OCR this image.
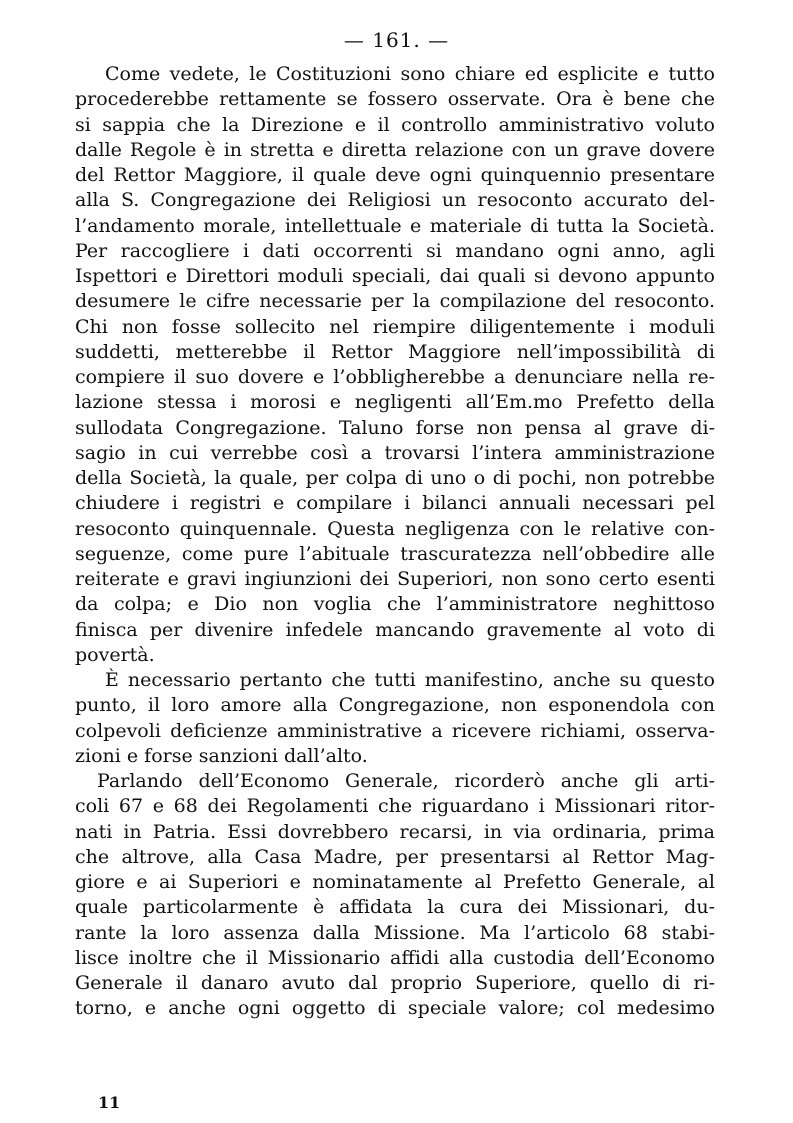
— 161. —
Come vedete, le Costituzioni sono chiare ed esplicite e tutto
procederebbe rettamente se fossero osservate. Ora è bene che
si sappia che la Direzione e il controllo amministrativo voluto
dalle Regole è in stretta e diretta relazione con un grave dovere
del Rettor Maggiore, il quale deve ogni quinquennio presentare
alla S. Congregazione dei Religiosi un resoconto accurato del-
l’andamento morale, intellettuale e materiale di tutta la Società.
Per raccogliere i dati occorrenti si mandano ogni anno, agli
Ispettori e Direttori moduli speciali, dai quali si devono appunto
desumere le cifre necessarie per la compilazione del resoconto.
Chi non fosse sollecito nel riempire diligentemente i moduli
suddetti, metterebbe il Rettor Maggiore nell’impossibilità di
compiere il suo dovere e l’obbligherebbe a denunciare nella re-
lazione stessa i morosi e negligenti all’Em.mo Prefetto della
sullodata Congregazione. Taluno forse non pensa al grave di-
sagio in cui verrebbe così a trovarsi l’intera amministrazione
della Società, la quale, per colpa di uno o di pochi, non potrebbe
chiudere i registri e compilare i bilanci annuali necessari pel
resoconto quinquennale. Questa negligenza con le relative con-
seguenze, come pure l’abituale trascuratezza nell’obbedire alle
reiterate e gravi ingiunzioni dei Superiori, non sono certo esenti
da colpa; e Dio non voglia che l’amministratore neghittoso
finisca per divenire infedele mancando gravemente al voto di
povertà.
È necessario pertanto che tutti manifestino, anche su questo
punto, il loro amore alla Congregazione, non esponendola con
colpevoli deficienze amministrative a ricevere richiami, osserva-
zioni e forse sanzioni dall’alto.
Parlando dell’Economo Generale, ricorderò anche gli arti-
coli 67 e 68 dei Regolamenti che riguardano i Missionari ritor-
nati in Patria. Essi dovrebbero recarsi, in via ordinaria, prima
che altrove, alla Casa Madre, per presentarsi al Rettor Mag-
giore e ai Superiori e nominatamente al Prefetto Generale, al
quale particolarmente è affidata la cura dei Missionari, du-
rante la loro assenza dalla Missione. Ma l’articolo 68 stabi-
lisce inoltre che il Missionario affidi alla custodia dell’Economo
Generale il danaro avuto dal proprio Superiore, quello di ri-
torno, e anche ogni oggetto di speciale valore; col medesimo
11
